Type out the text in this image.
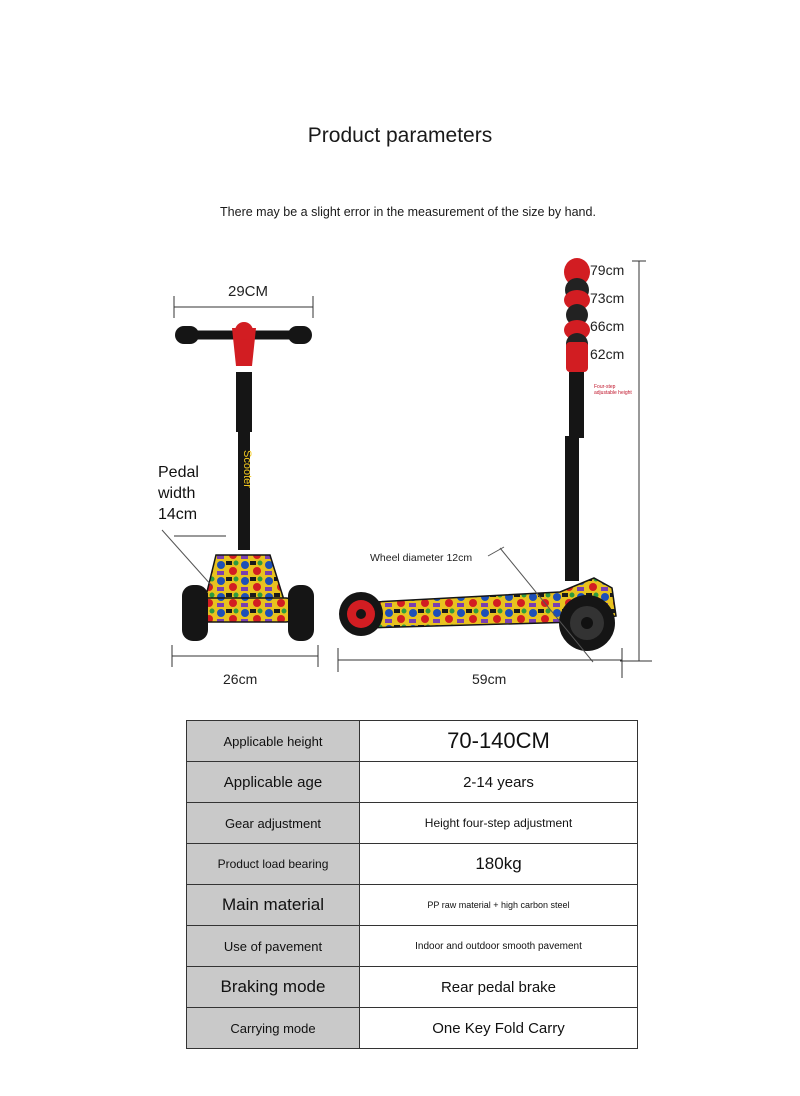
Product parameters
There may be a slight error in the measurement of the size by hand.
Scooter
29CM
Pedal
width
14cm
26cm	59cm
Wheel diameter 12cm
79cm
73cm
66cm
62cm
Four-step adjustable height
Applicable height	70-140CM
Applicable age	2-14 years
Gear adjustment	Height four-step adjustment
Product load bearing	180kg
Main material	PP raw material + high carbon steel
Use of pavement	Indoor and outdoor smooth pavement
Braking mode	Rear pedal brake
Carrying mode	One Key Fold Carry
